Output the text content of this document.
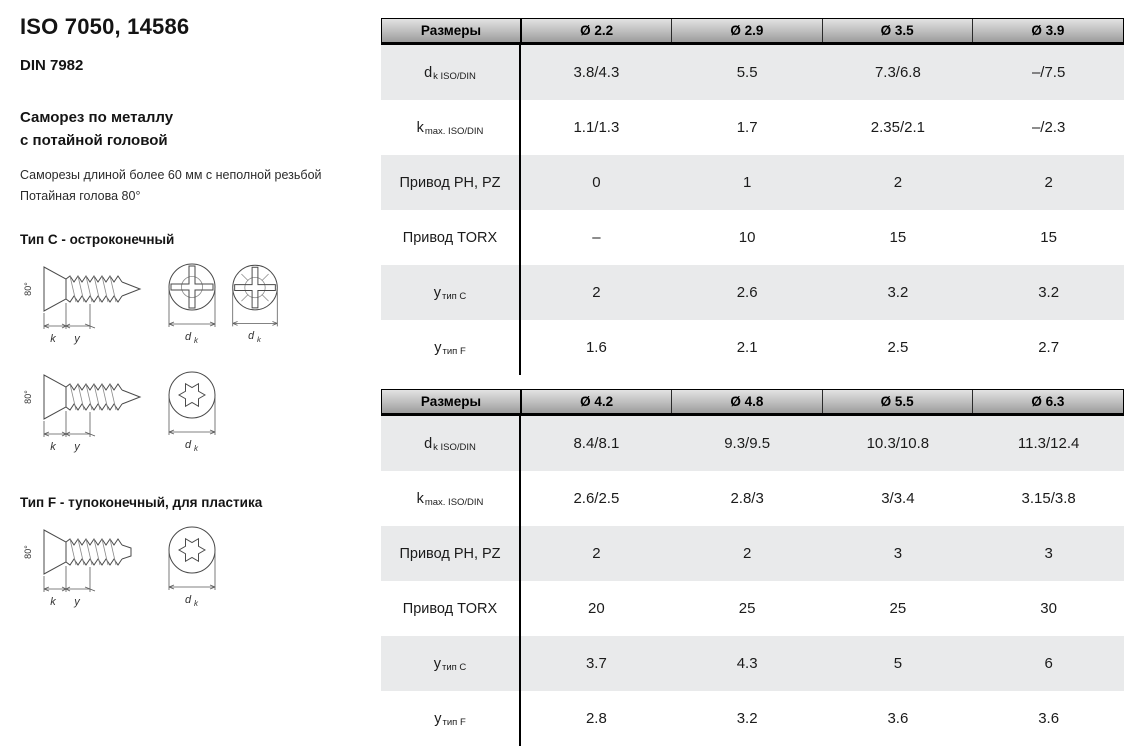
ISO 7050, 14586
DIN 7982
Саморез по металлу
с потайной головой
Саморезы длиной более 60 мм с неполной резьбой
Потайная голова 80°
Тип C - остроконечный
80°
k y	d k	d k
80°
k y	d k
Тип F - тупоконечный, для пластика
80°
k y	d k
Размеры	Ø 2.2	Ø 2.9	Ø 3.5	Ø 3.9
d k ISO/DIN	3.8/4.3	5.5	7.3/6.8	–/7.5
k max. ISO/DIN	1.1/1.3	1.7	2.35/2.1	–/2.3
Привод PH, PZ	0	1	2	2
Привод TORX	–	10	15	15
y тип C	2	2.6	3.2	3.2
y тип F	1.6	2.1	2.5	2.7
Размеры	Ø 4.2	Ø 4.8	Ø 5.5	Ø 6.3
d k ISO/DIN	8.4/8.1	9.3/9.5	10.3/10.8	11.3/12.4
k max. ISO/DIN	2.6/2.5	2.8/3	3/3.4	3.15/3.8
Привод PH, PZ	2	2	3	3
Привод TORX	20	25	25	30
y тип C	3.7	4.3	5	6
y тип F	2.8	3.2	3.6	3.6
